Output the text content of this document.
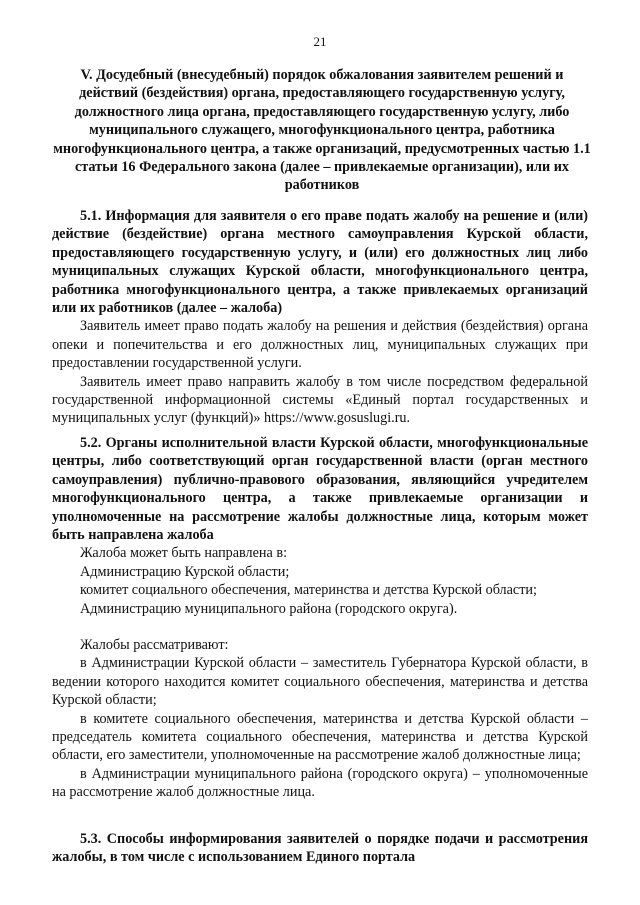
21
V. Досудебный (внесудебный) порядок обжалования заявителем решений и действий (бездействия) органа, предоставляющего государственную услугу, должностного лица органа, предоставляющего государственную услугу, либо муниципального служащего, многофункционального центра, работника многофункционального центра, а также организаций, предусмотренных частью 1.1 статьи 16 Федерального закона (далее – привлекаемые организации), или их работников

5.1. Информация для заявителя о его праве подать жалобу на решение и (или) действие (бездействие) органа местного самоуправления Курской области, предоставляющего государственную услугу, и (или) его должностных лиц либо муниципальных служащих Курской области, многофункционального центра, работника многофункционального центра, а также привлекаемых организаций или их работников (далее – жалоба)

Заявитель имеет право подать жалобу на решения и действия (бездействия) органа опеки и попечительства и его должностных лиц, муниципальных служащих при предоставлении государственной услуги.

Заявитель имеет право направить жалобу в том числе посредством федеральной государственной информационной системы «Единый портал государственных и муниципальных услуг (функций)» https://www.gosuslugi.ru.

5.2. Органы исполнительной власти Курской области, многофункциональные центры, либо соответствующий орган государственной власти (орган местного самоуправления) публично-правового образования, являющийся учредителем многофункционального центра, а также привлекаемые организации и уполномоченные на рассмотрение жалобы должностные лица, которым может быть направлена жалоба

Жалоба может быть направлена в:

Администрацию Курской области;

комитет социального обеспечения, материнства и детства Курской области;

Администрацию муниципального района (городского округа).

Жалобы рассматривают:

в Администрации Курской области – заместитель Губернатора Курской области, в ведении которого находится комитет социального обеспечения, материнства и детства Курской области;

в комитете социального обеспечения, материнства и детства Курской области – председатель комитета социального обеспечения, материнства и детства Курской области, его заместители, уполномоченные на рассмотрение жалоб должностные лица;

в Администрации муниципального района (городского округа) – уполномоченные на рассмотрение жалоб должностные лица.

5.3. Способы информирования заявителей о порядке подачи и рассмотрения жалобы, в том числе с использованием Единого портала
